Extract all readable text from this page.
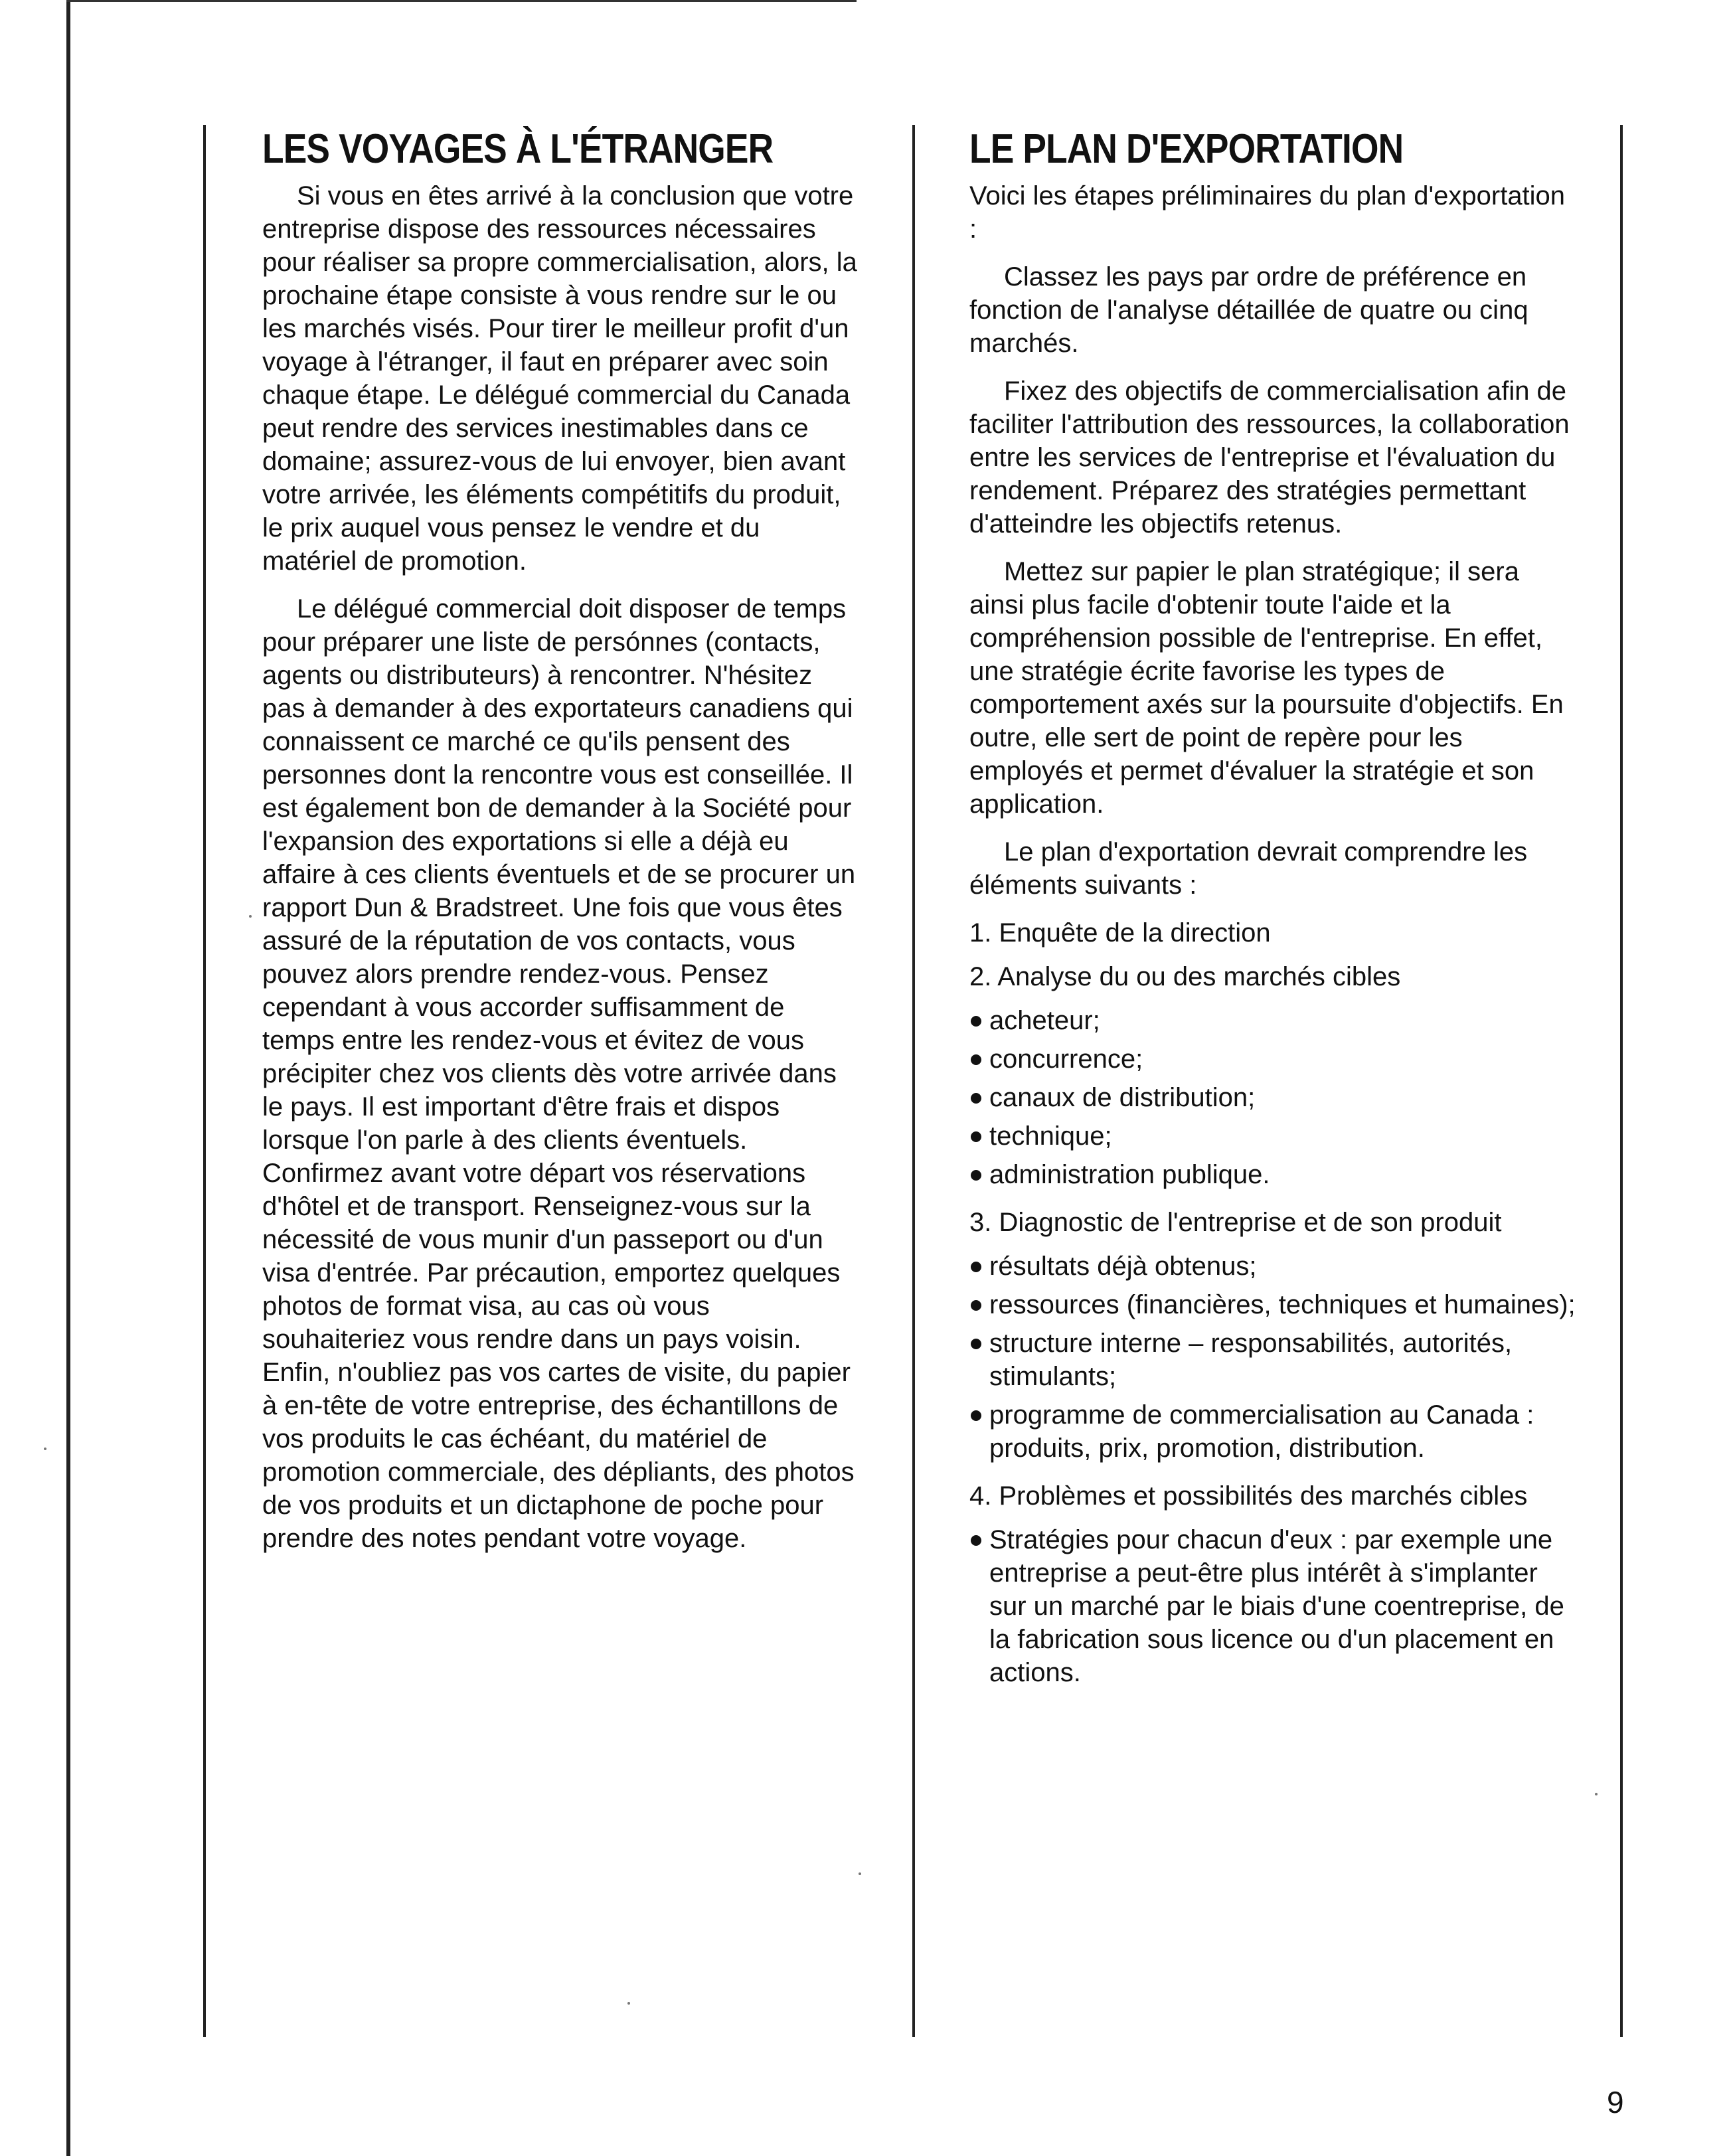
LES VOYAGES À L'ÉTRANGER

Si vous en êtes arrivé à la conclusion que votre entreprise dispose des ressources nécessaires pour réaliser sa propre commercialisation, alors, la prochaine étape consiste à vous rendre sur le ou les marchés visés. Pour tirer le meilleur profit d'un voyage à l'étranger, il faut en préparer avec soin chaque étape. Le délégué commercial du Canada peut rendre des services inestimables dans ce domaine; assurez-vous de lui envoyer, bien avant votre arrivée, les éléments compétitifs du produit, le prix auquel vous pensez le vendre et du matériel de promotion.

Le délégué commercial doit disposer de temps pour préparer une liste de persónnes (contacts, agents ou distributeurs) à rencontrer. N'hésitez pas à demander à des exportateurs canadiens qui connaissent ce marché ce qu'ils pensent des personnes dont la rencontre vous est conseillée. Il est également bon de demander à la Société pour l'expansion des exportations si elle a déjà eu affaire à ces clients éventuels et de se procurer un rapport Dun & Bradstreet. Une fois que vous êtes assuré de la réputation de vos contacts, vous pouvez alors prendre rendez-vous. Pensez cependant à vous accorder suffisamment de temps entre les rendez-vous et évitez de vous précipiter chez vos clients dès votre arrivée dans le pays. Il est important d'être frais et dispos lorsque l'on parle à des clients éventuels. Confirmez avant votre départ vos réservations d'hôtel et de transport. Renseignez-vous sur la nécessité de vous munir d'un passeport ou d'un visa d'entrée. Par précaution, emportez quelques photos de format visa, au cas où vous souhaiteriez vous rendre dans un pays voisin. Enfin, n'oubliez pas vos cartes de visite, du papier à en-tête de votre entreprise, des échantillons de vos produits le cas échéant, du matériel de promotion commerciale, des dépliants, des photos de vos produits et un dictaphone de poche pour prendre des notes pendant votre voyage.

LE PLAN D'EXPORTATION

Voici les étapes préliminaires du plan d'exportation :

Classez les pays par ordre de préférence en fonction de l'analyse détaillée de quatre ou cinq marchés.

Fixez des objectifs de commercialisation afin de faciliter l'attribution des ressources, la collaboration entre les services de l'entreprise et l'évaluation du rendement. Préparez des stratégies permettant d'atteindre les objectifs retenus.

Mettez sur papier le plan stratégique; il sera ainsi plus facile d'obtenir toute l'aide et la compréhension possible de l'entreprise. En effet, une stratégie écrite favorise les types de comportement axés sur la poursuite d'objectifs. En outre, elle sert de point de repère pour les employés et permet d'évaluer la stratégie et son application.

Le plan d'exportation devrait comprendre les éléments suivants :

1. Enquête de la direction
2. Analyse du ou des marchés cibles
acheteur;
concurrence;
canaux de distribution;
technique;
administration publique.
3. Diagnostic de l'entreprise et de son produit
résultats déjà obtenus;
ressources (financières, techniques et humaines);
structure interne – responsabilités, autorités, stimulants;
programme de commercialisation au Canada : produits, prix, promotion, distribution.
4. Problèmes et possibilités des marchés cibles
Stratégies pour chacun d'eux : par exemple une entreprise a peut-être plus intérêt à s'implanter sur un marché par le biais d'une coentreprise, de la fabrication sous licence ou d'un placement en actions.
9
